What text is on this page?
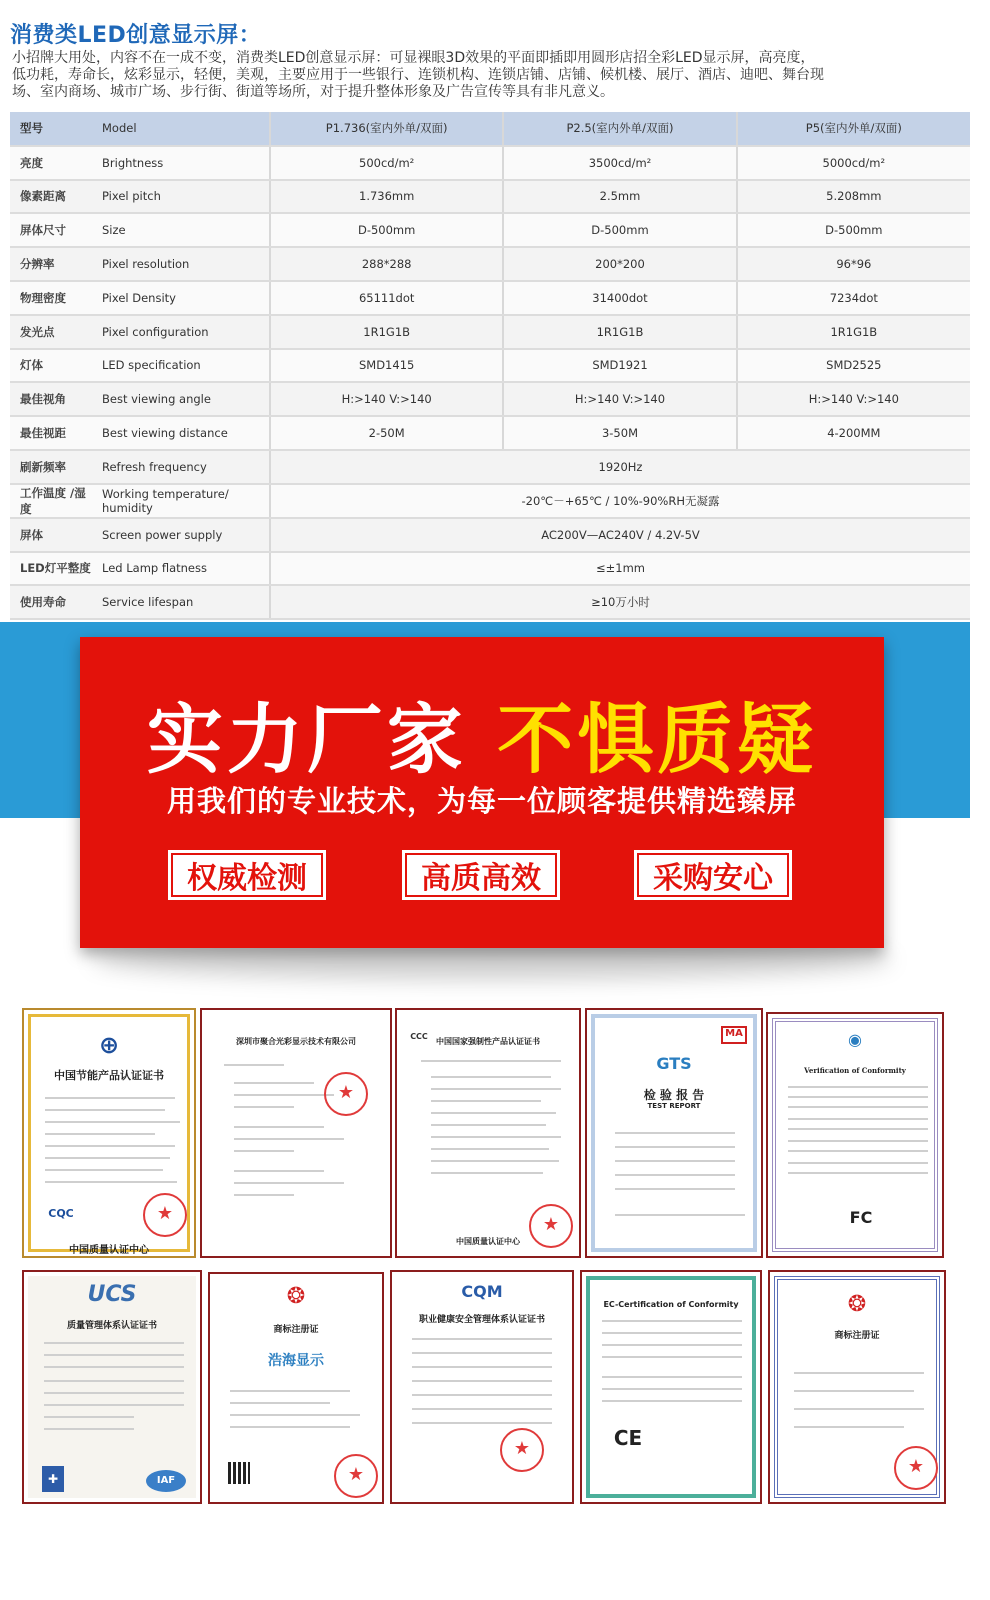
消费类LED创意显示屏：
小招牌大用处，内容不在一成不变，消费类LED创意显示屏：可显裸眼3D效果的平面即插即用圆形店招全彩LED显示屏，高亮度，
低功耗，寿命长，炫彩显示，轻便，美观，主要应用于一些银行、连锁机构、连锁店铺、店铺、候机楼、展厅、酒店、迪吧、舞台现
场、室内商场、城市广场、步行街、街道等场所，对于提升整体形象及广告宣传等具有非凡意义。
型号	Model	P1.736(室内外单/双面)	P2.5(室内外单/双面)	P5(室内外单/双面)
亮度	Brightness	500cd/m²	3500cd/m²	5000cd/m²
像素距离	Pixel pitch	1.736mm	2.5mm	5.208mm
屏体尺寸	Size	D-500mm	D-500mm	D-500mm
分辨率	Pixel resolution	288*288	200*200	96*96
物理密度	Pixel Density	65111dot	31400dot	7234dot
发光点	Pixel configuration	1R1G1B	1R1G1B	1R1G1B
灯体	LED specification	SMD1415	SMD1921	SMD2525
最佳视角	Best viewing angle	H:>140 V:>140	H:>140 V:>140	H:>140 V:>140
最佳视距	Best viewing distance	2-50M	3-50M	4-200MM
刷新频率	Refresh frequency	1920Hz		
工作温度 /湿度	Working temperature/ humidity	-20℃－+65℃ / 10%-90%RH无凝露		
屏体	Screen power supply	AC200V—AC240V / 4.2V-5V		
LED灯平整度	Led Lamp flatness	≤±1mm		
使用寿命	Service lifespan	≥10万小时		
实力厂家 不惧质疑
用我们的专业技术，为每一位顾客提供精选臻屏
权威检测	高质高效	采购安心
⊕
中国节能产品认证证书
CQC
★
中国质量认证中心
深圳市聚合光彩显示技术有限公司
★	中国国家强制性产品认证证书
CCC
★
中国质量认证中心
GTS
MA
检 验 报 告
TEST REPORT
◉
Verification of Conformity
FC
UCS
质量管理体系认证证书
IAF
✚
❂
商标注册证
浩海显示
★
CQM
职业健康安全管理体系认证证书
★
EC-Certification of Conformity
CE
❂
商标注册证
★
